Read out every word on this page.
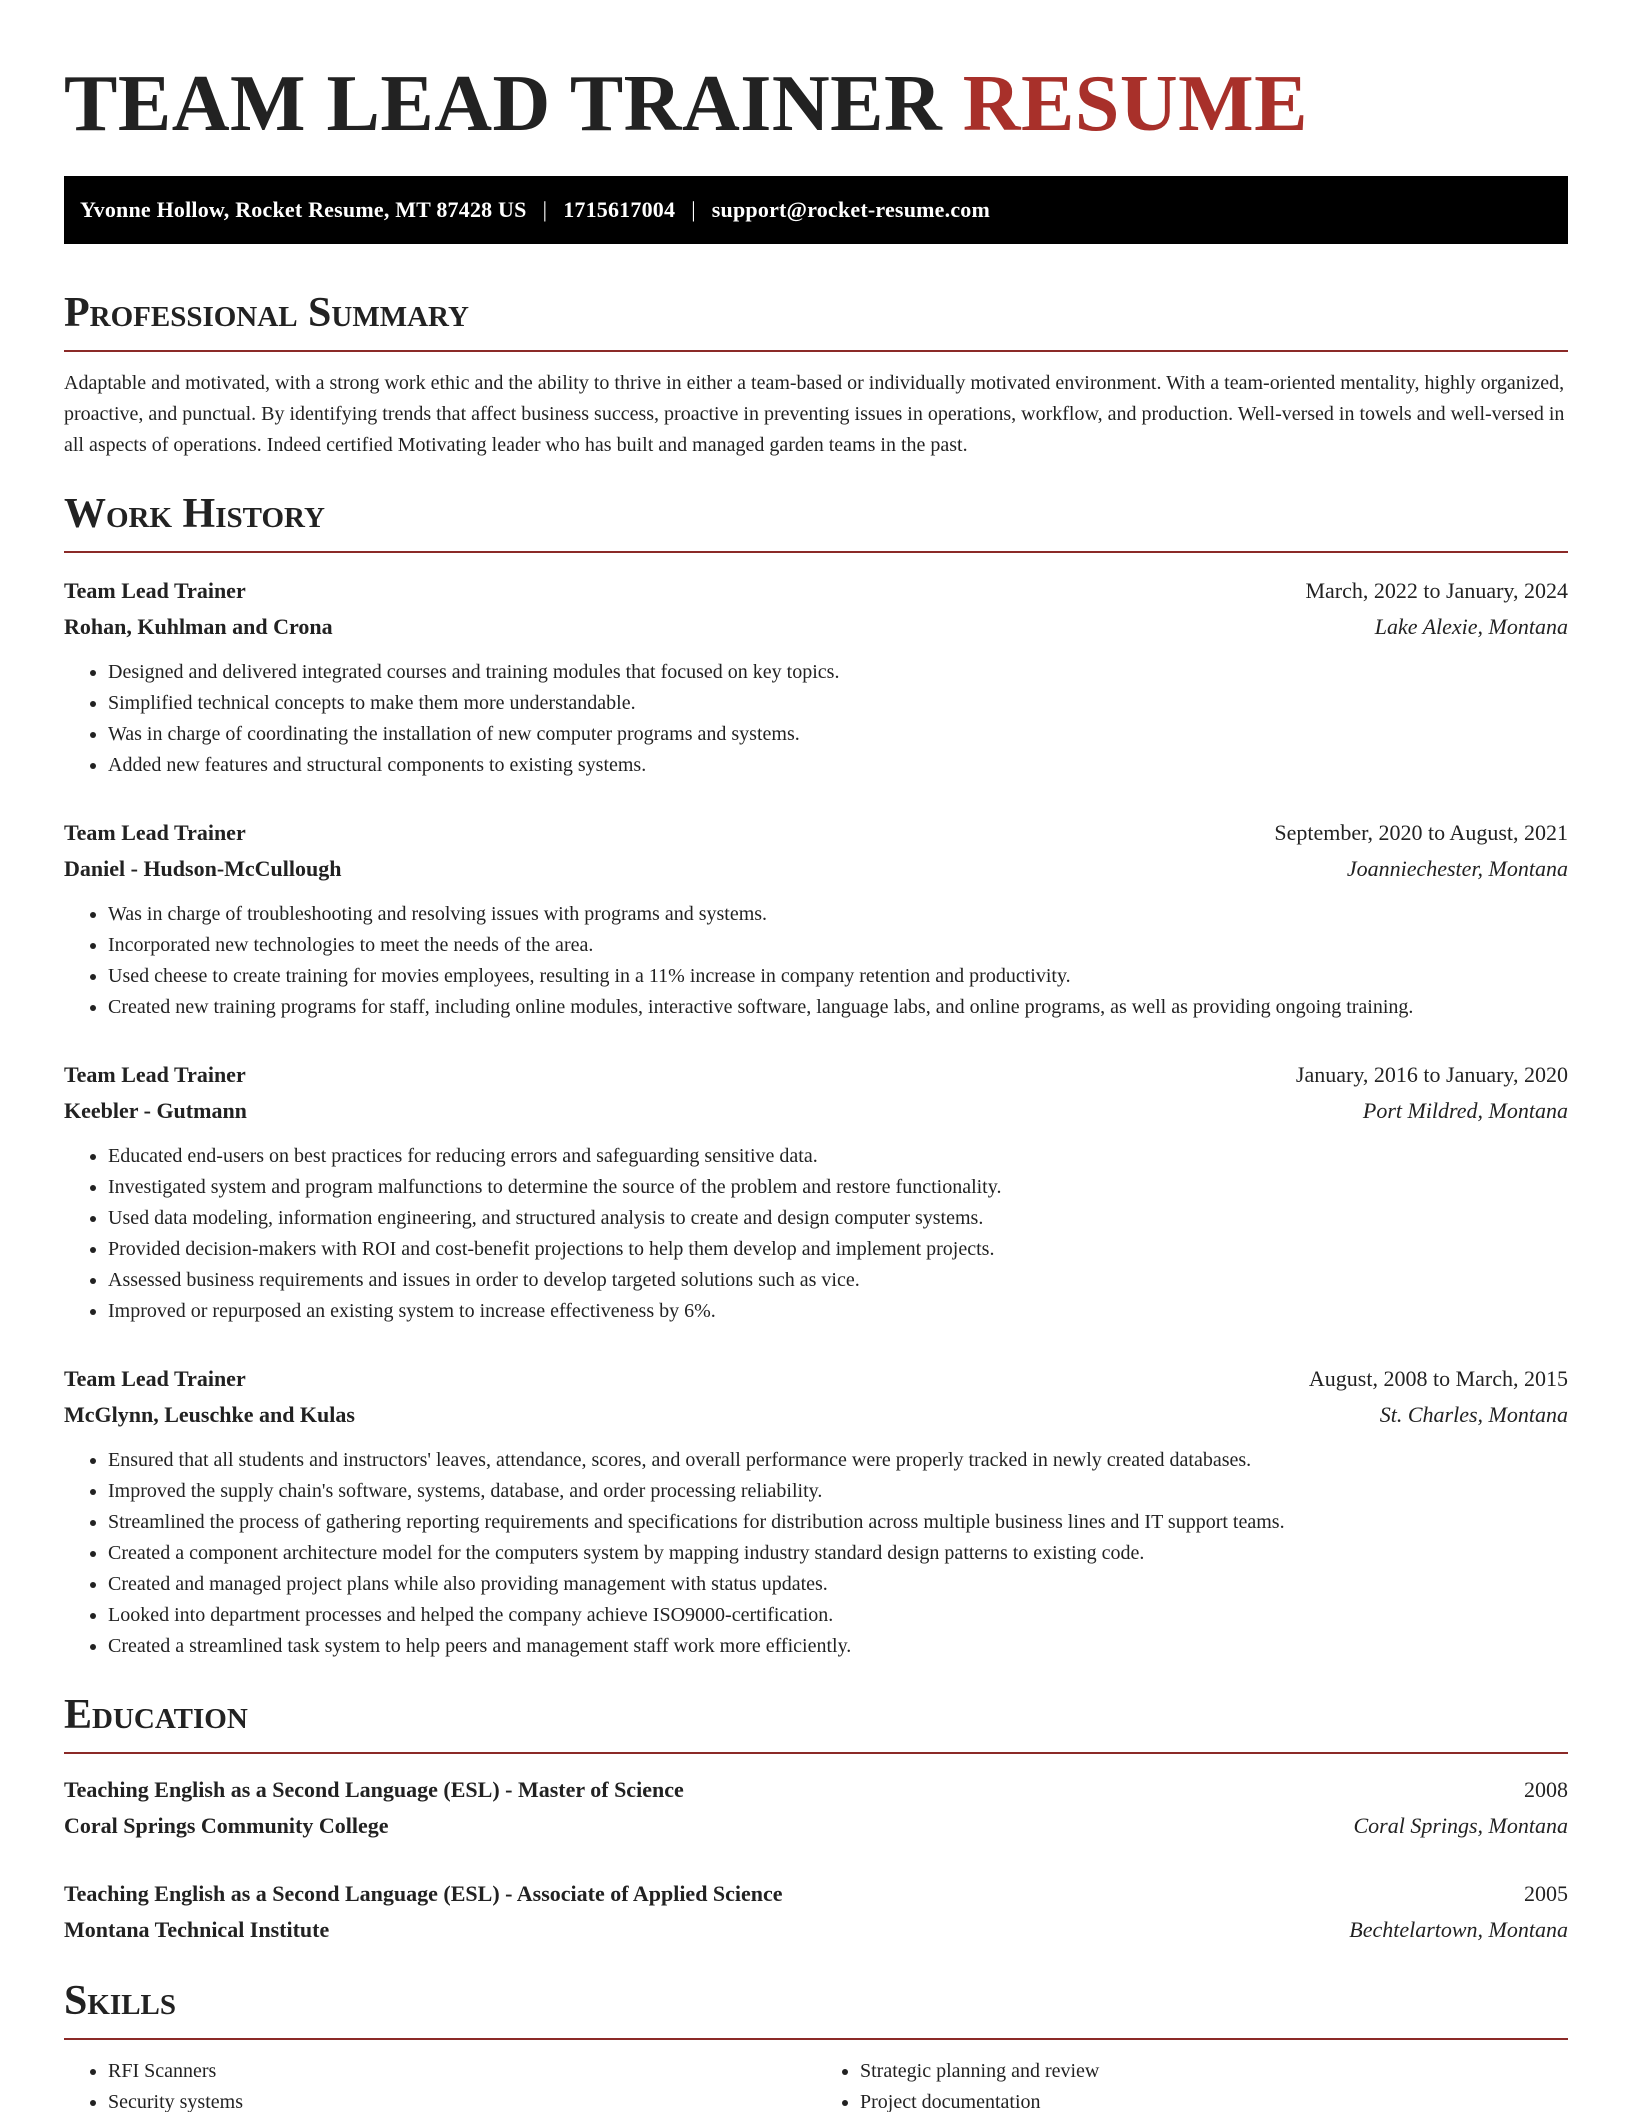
TEAM LEAD TRAINER RESUME
Yvonne Hollow, Rocket Resume, MT 87428 US | 1715617004 | support@rocket-resume.com
Professional Summary

Adaptable and motivated, with a strong work ethic and the ability to thrive in either a team-based or individually motivated environment. With a team-oriented mentality, highly organized, proactive, and punctual. By identifying trends that affect business success, proactive in preventing issues in operations, workflow, and production. Well-versed in towels and well-versed in all aspects of operations. Indeed certified Motivating leader who has built and managed garden teams in the past.

Work History
Team Lead Trainer	March, 2022 to January, 2024
Rohan, Kuhlman and Crona	Lake Alexie, Montana
• Designed and delivered integrated courses and training modules that focused on key topics.
• Simplified technical concepts to make them more understandable.
• Was in charge of coordinating the installation of new computer programs and systems.
• Added new features and structural components to existing systems.
Team Lead Trainer	September, 2020 to August, 2021
Daniel - Hudson-McCullough	Joanniechester, Montana
• Was in charge of troubleshooting and resolving issues with programs and systems.
• Incorporated new technologies to meet the needs of the area.
• Used cheese to create training for movies employees, resulting in a 11% increase in company retention and productivity.
• Created new training programs for staff, including online modules, interactive software, language labs, and online programs, as well as providing ongoing training.
Team Lead Trainer	January, 2016 to January, 2020
Keebler - Gutmann	Port Mildred, Montana
• Educated end-users on best practices for reducing errors and safeguarding sensitive data.
• Investigated system and program malfunctions to determine the source of the problem and restore functionality.
• Used data modeling, information engineering, and structured analysis to create and design computer systems.
• Provided decision-makers with ROI and cost-benefit projections to help them develop and implement projects.
• Assessed business requirements and issues in order to develop targeted solutions such as vice.
• Improved or repurposed an existing system to increase effectiveness by 6%.
Team Lead Trainer	August, 2008 to March, 2015
McGlynn, Leuschke and Kulas	St. Charles, Montana
• Ensured that all students and instructors' leaves, attendance, scores, and overall performance were properly tracked in newly created databases.
• Improved the supply chain's software, systems, database, and order processing reliability.
• Streamlined the process of gathering reporting requirements and specifications for distribution across multiple business lines and IT support teams.
• Created a component architecture model for the computers system by mapping industry standard design patterns to existing code.
• Created and managed project plans while also providing management with status updates.
• Looked into department processes and helped the company achieve ISO9000-certification.
• Created a streamlined task system to help peers and management staff work more efficiently.
Education
Teaching English as a Second Language (ESL) - Master of Science	2008
Coral Springs Community College	Coral Springs, Montana
Teaching English as a Second Language (ESL) - Associate of Applied Science	2005
Montana Technical Institute	Bechtelartown, Montana
Skills
• RFI Scanners
• Security systems
• Strategic planning and review
• Project documentation
